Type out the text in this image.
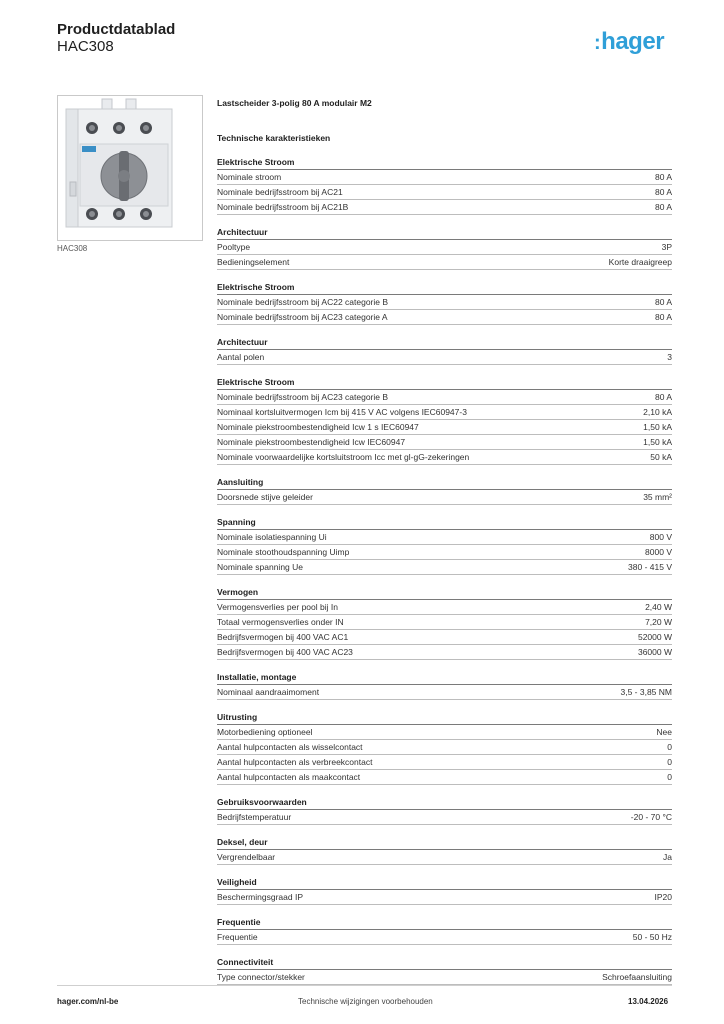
Productdatablad
HAC308	:hager
HAC308
Lastscheider 3-polig 80 A modulair M2
Technische karakteristieken
Elektrische Stroom
Nominale stroom	80 A
Nominale bedrijfsstroom bij AC21	80 A
Nominale bedrijfsstroom bij AC21B	80 A
Architectuur
Pooltype	3P
Bedieningselement	Korte draaigreep
Elektrische Stroom
Nominale bedrijfsstroom bij AC22 categorie B	80 A
Nominale bedrijfsstroom bij AC23 categorie A	80 A
Architectuur
Aantal polen	3
Elektrische Stroom
Nominale bedrijfsstroom bij AC23 categorie B	80 A
Nominaal kortsluitvermogen Icm bij 415 V AC volgens IEC60947-3	2,10 kA
Nominale piekstroombestendigheid Icw 1 s IEC60947	1,50 kA
Nominale piekstroombestendigheid Icw IEC60947	1,50 kA
Nominale voorwaardelijke kortsluitstroom Icc met gl-gG-zekeringen	50 kA
Aansluiting
Doorsnede stijve geleider	35 mm²
Spanning
Nominale isolatiespanning Ui	800 V
Nominale stoothoudspanning Uimp	8000 V
Nominale spanning Ue	380 - 415 V
Vermogen
Vermogensverlies per pool bij In	2,40 W
Totaal vermogensverlies onder IN	7,20 W
Bedrijfsvermogen bij 400 VAC AC1	52000 W
Bedrijfsvermogen bij 400 VAC AC23	36000 W
Installatie, montage
Nominaal aandraaimoment	3,5 - 3,85 NM
Uitrusting
Motorbediening optioneel	Nee
Aantal hulpcontacten als wisselcontact	0
Aantal hulpcontacten als verbreekcontact	0
Aantal hulpcontacten als maakcontact	0
Gebruiksvoorwaarden
Bedrijfstemperatuur	-20 - 70 °C
Deksel, deur
Vergrendelbaar	Ja
Veiligheid
Beschermingsgraad IP	IP20
Frequentie
Frequentie	50 - 50 Hz
Connectiviteit
Type connector/stekker	Schroefaansluiting
hager.com/nl-be	Technische wijzigingen voorbehouden	13.04.2026
